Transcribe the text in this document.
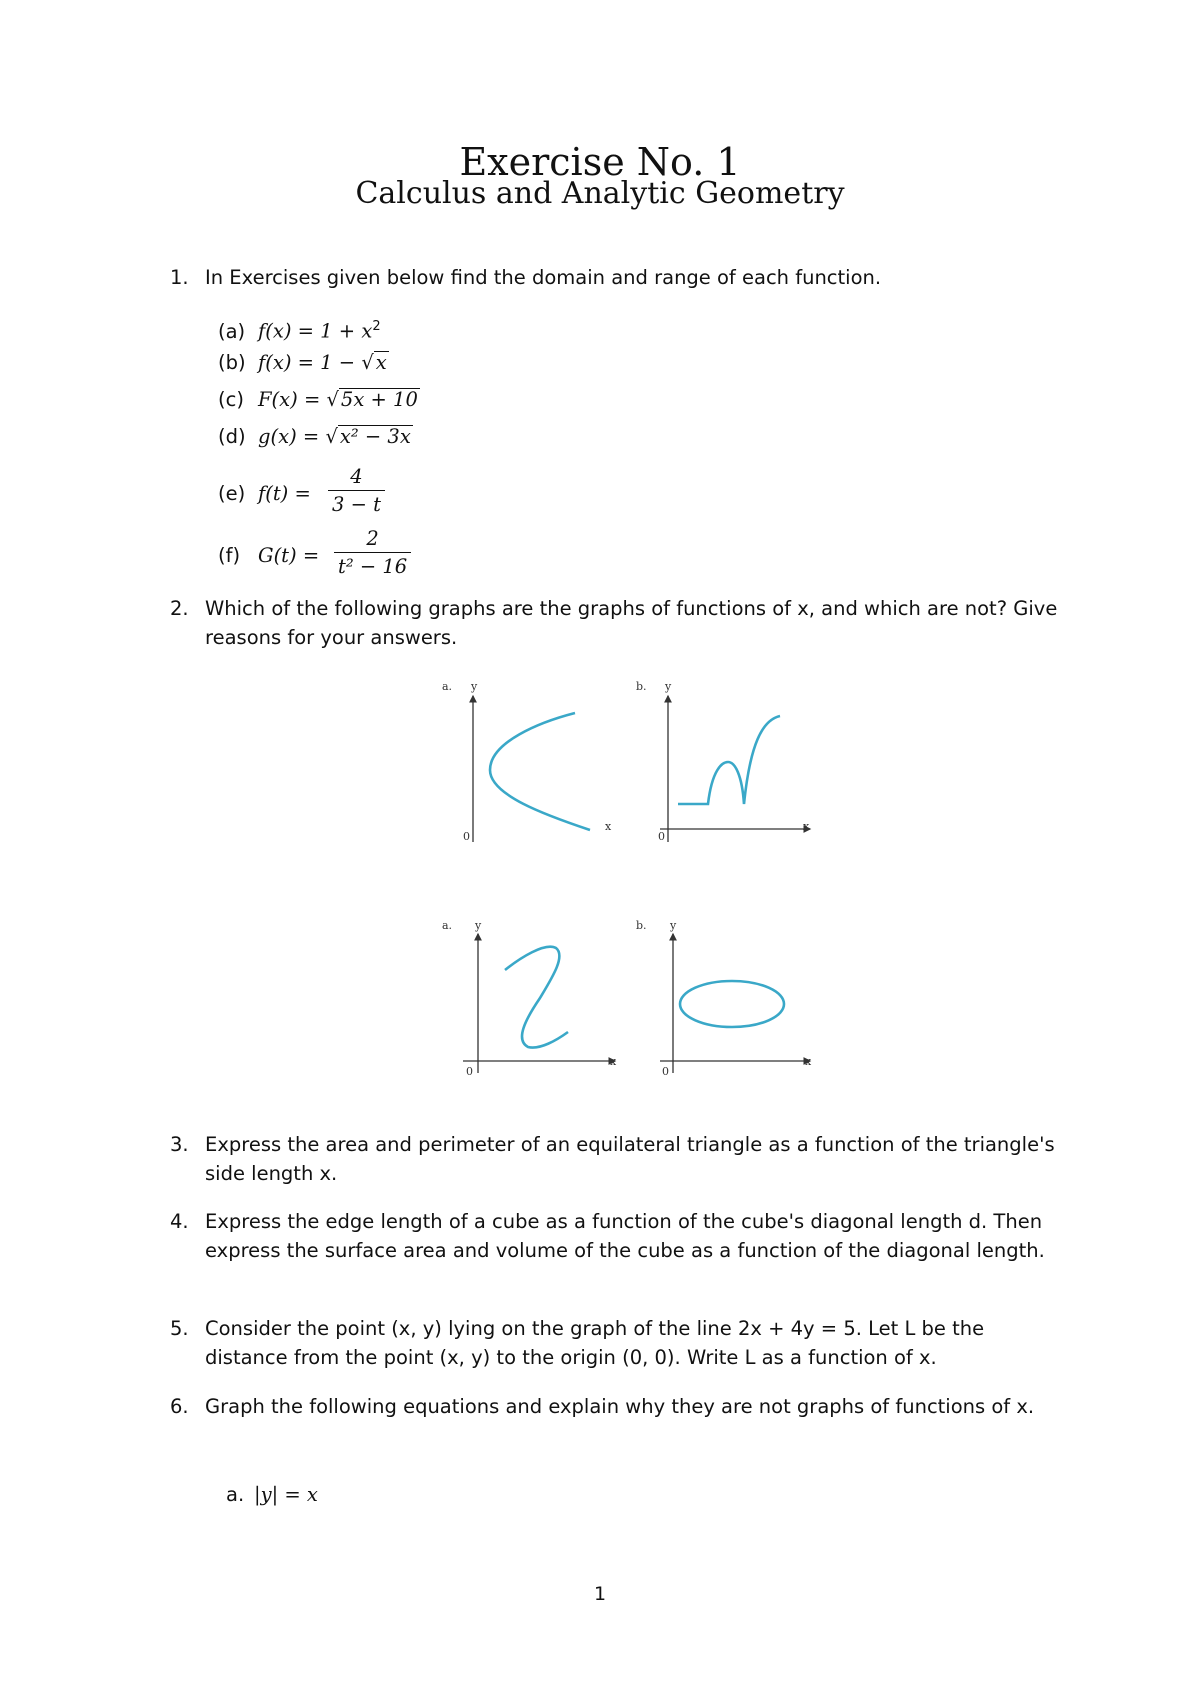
Exercise No. 1
Calculus and Analytic Geometry
1. In Exercises given below find the domain and range of each function.
(a) $f(x) = 1 + x^2$
(b) f(x) = 1 − √ x
(c) F(x) = √ 5x + 10
(d) g(x) = √ x² − 3x
(e) $f(t) = \frac{4}{3 - t}$
(f) $G(t) = \frac{2}{\text{t² − 16}}$
2. Which of the following graphs are the graphs of functions of x, and which are not? Give reasons for your answers.
a. y
0
x
b. y
0
x
a. y
0
x
b. y
0
x
3. Express the area and perimeter of an equilateral triangle as a function of the triangle's side length x.
4. Express the edge length of a cube as a function of the cube's diagonal length d. Then express the surface area and volume of the cube as a function of the diagonal length.
5. Consider the point (x, y) lying on the graph of the line 2x + 4y = 5. Let L be the distance from the point (x, y) to the origin (0, 0). Write L as a function of x.
6. Graph the following equations and explain why they are not graphs of functions of x.
a. |y| = x
1
